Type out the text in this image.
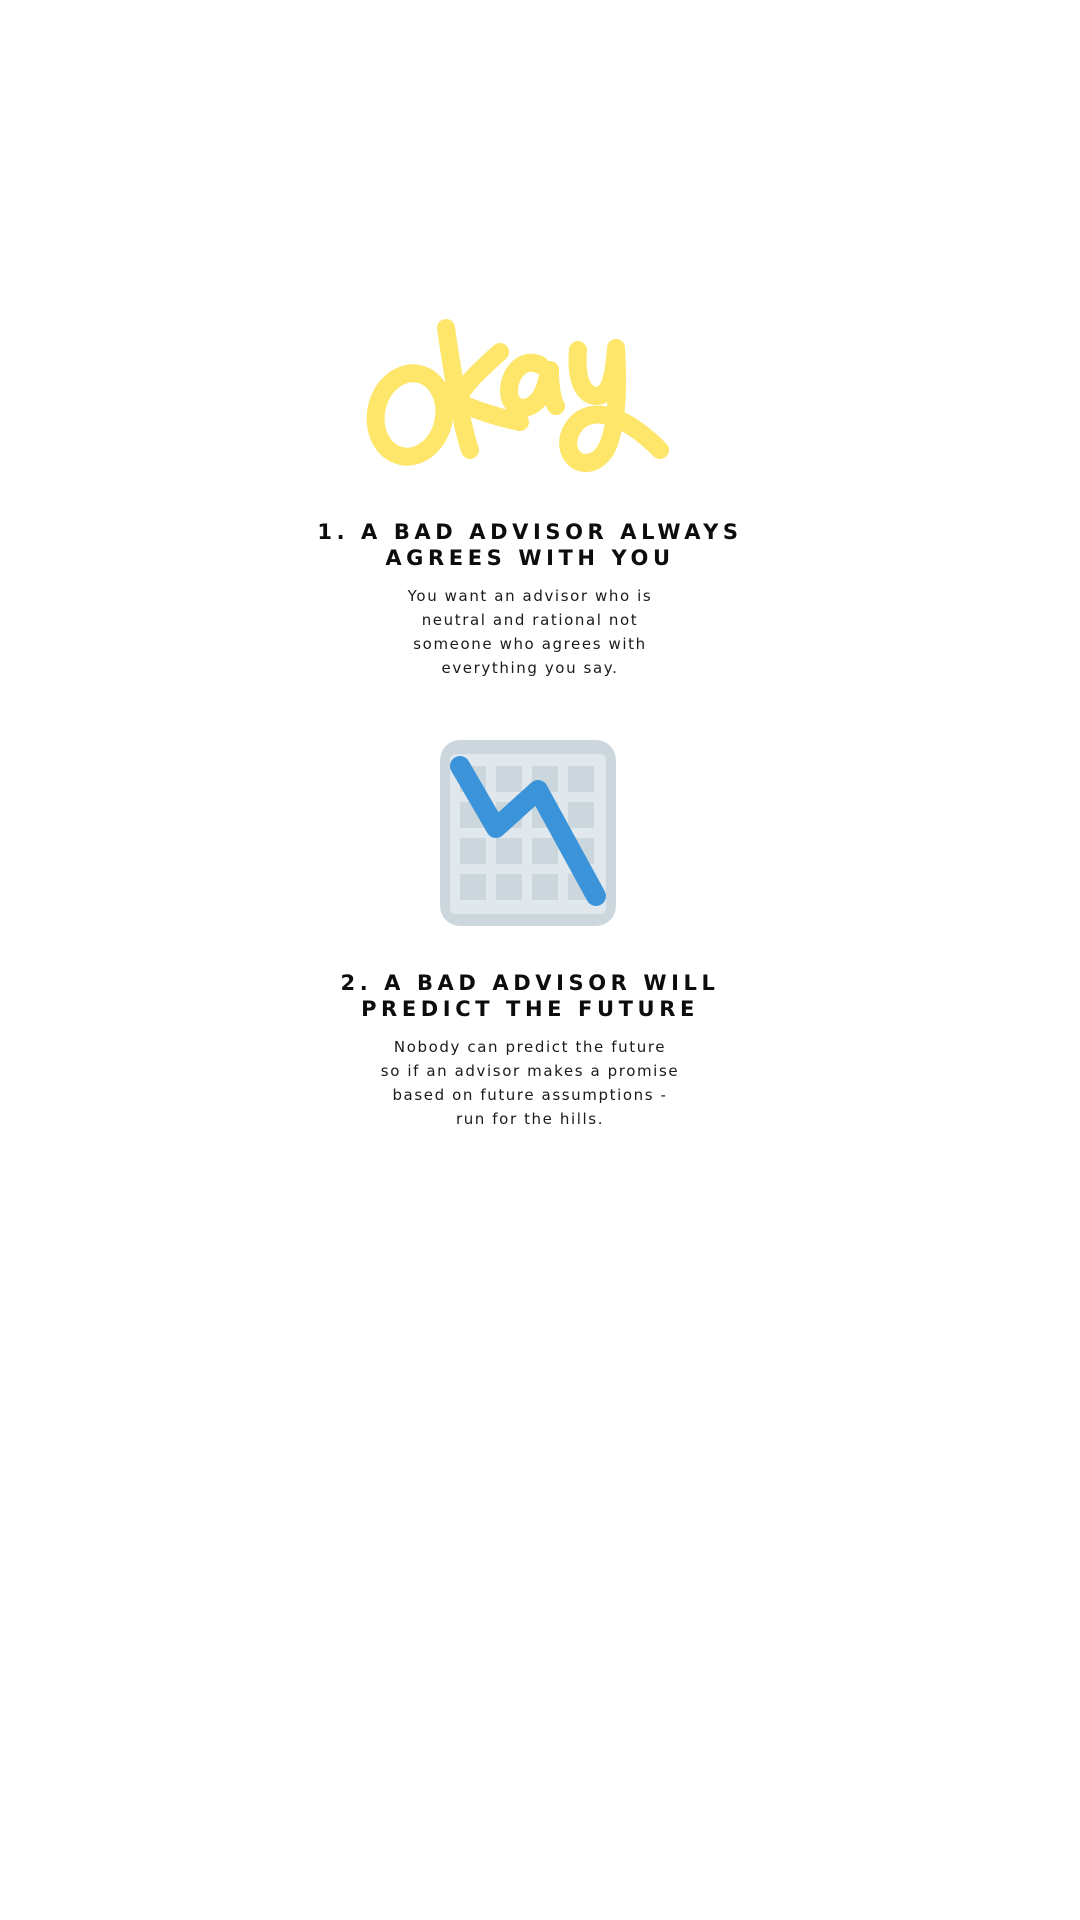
1. A BAD ADVISOR ALWAYS
AGREES WITH YOU

You want an advisor who is
neutral and rational not
someone who agrees with
everything you say.

2. A BAD ADVISOR WILL
PREDICT THE FUTURE

Nobody can predict the future
so if an advisor makes a promise
based on future assumptions -
run for the hills.
